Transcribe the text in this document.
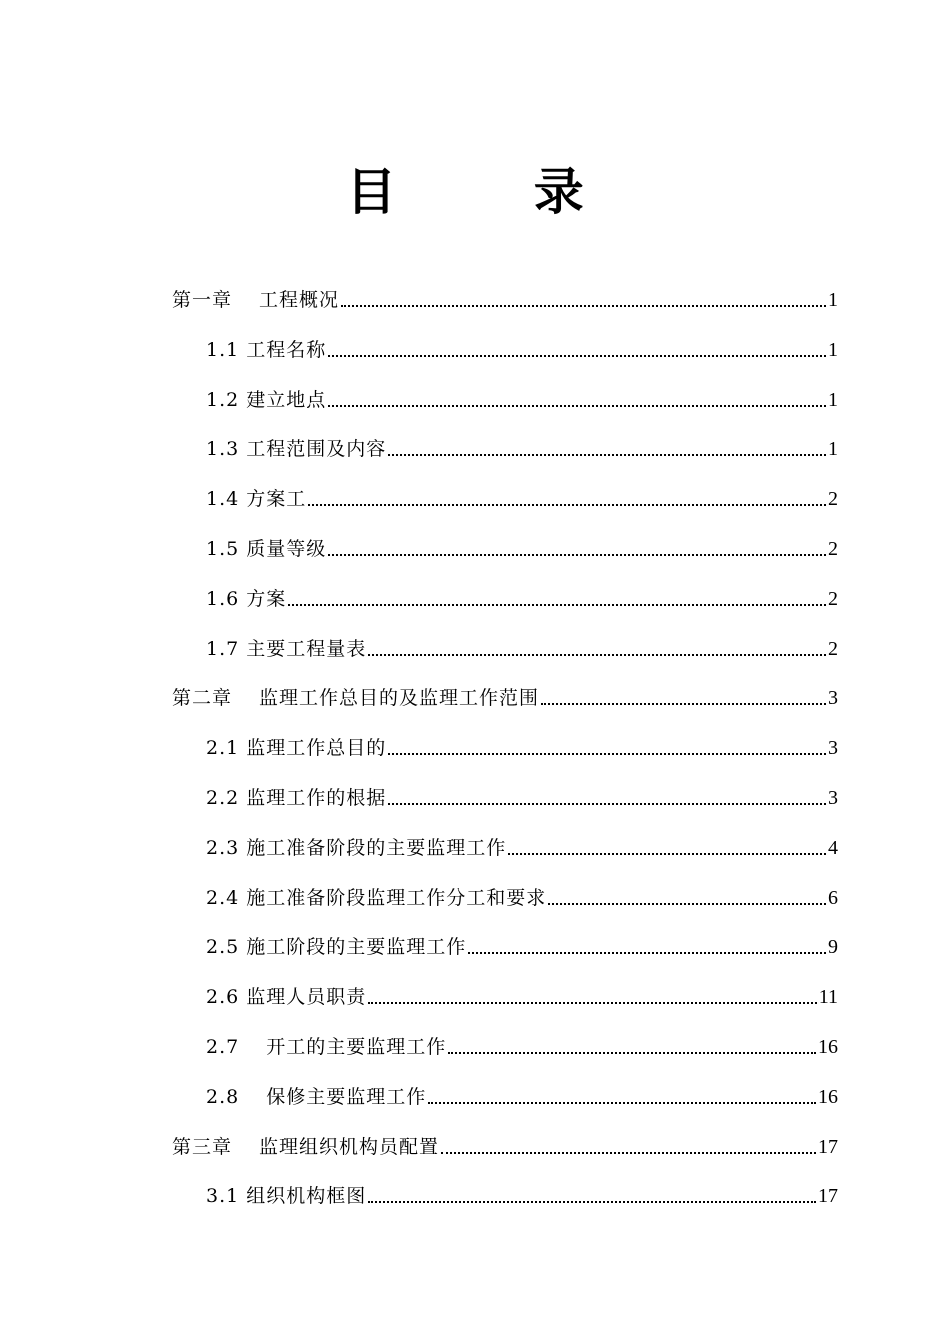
目 录
第一章　 工程概况	1
1.1 工程名称	1
1.2 建立地点	1
1.3 工程范围及内容	1
1.4 方案工	2
1.5 质量等级	2
1.6 方案	2
1.7 主要工程量表	2
第二章　 监理工作总目的及监理工作范围	3
2.1 监理工作总目的	3
2.2 监理工作的根据	3
2.3 施工准备阶段的主要监理工作	4
2.4 施工准备阶段监理工作分工和要求	6
2.5 施工阶段的主要监理工作	9
2.6 监理人员职责	11
2.7　 开工的主要监理工作	16
2.8　 保修主要监理工作	16
第三章　 监理组织机构员配置	17
3.1 组织机构框图	17
